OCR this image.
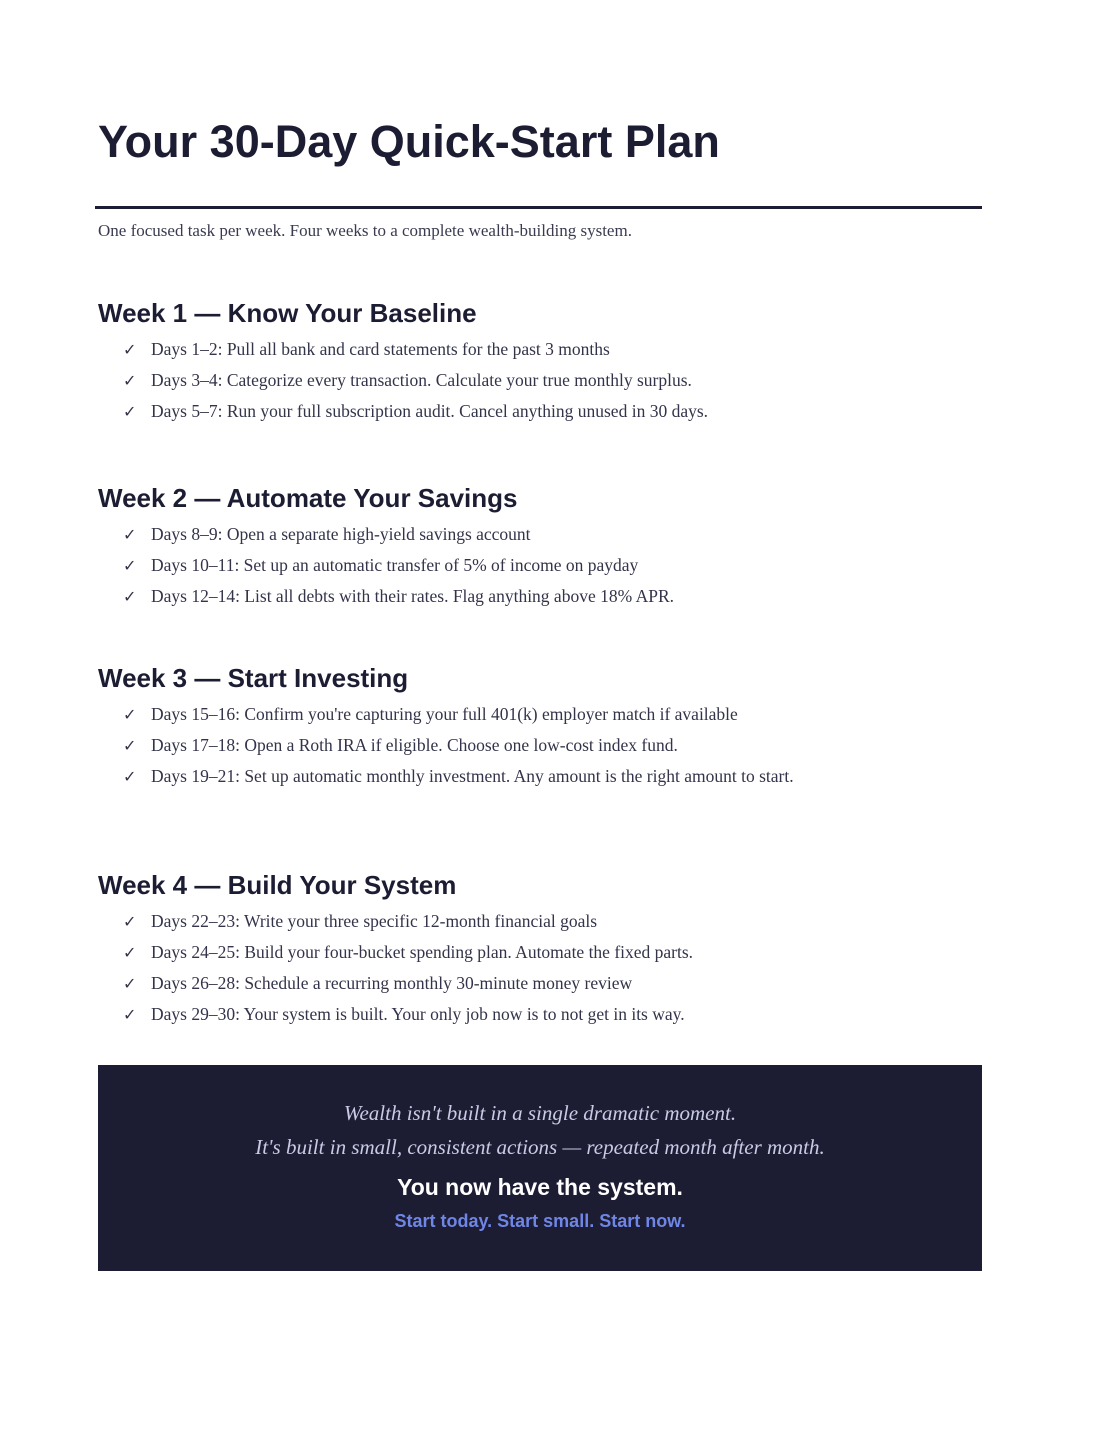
Your 30-Day Quick-Start Plan
One focused task per week. Four weeks to a complete wealth-building system.
Week 1 — Know Your Baseline
✓ Days 1–2: Pull all bank and card statements for the past 3 months
✓ Days 3–4: Categorize every transaction. Calculate your true monthly surplus.
✓ Days 5–7: Run your full subscription audit. Cancel anything unused in 30 days.
Week 2 — Automate Your Savings
✓ Days 8–9: Open a separate high-yield savings account
✓ Days 10–11: Set up an automatic transfer of 5% of income on payday
✓ Days 12–14: List all debts with their rates. Flag anything above 18% APR.
Week 3 — Start Investing
✓ Days 15–16: Confirm you're capturing your full 401(k) employer match if available
✓ Days 17–18: Open a Roth IRA if eligible. Choose one low-cost index fund.
✓ Days 19–21: Set up automatic monthly investment. Any amount is the right amount to start.
Week 4 — Build Your System
✓ Days 22–23: Write your three specific 12-month financial goals
✓ Days 24–25: Build your four-bucket spending plan. Automate the fixed parts.
✓ Days 26–28: Schedule a recurring monthly 30-minute money review
✓ Days 29–30: Your system is built. Your only job now is to not get in its way.
Wealth isn't built in a single dramatic moment.
It's built in small, consistent actions — repeated month after month.
You now have the system.
Start today. Start small. Start now.
